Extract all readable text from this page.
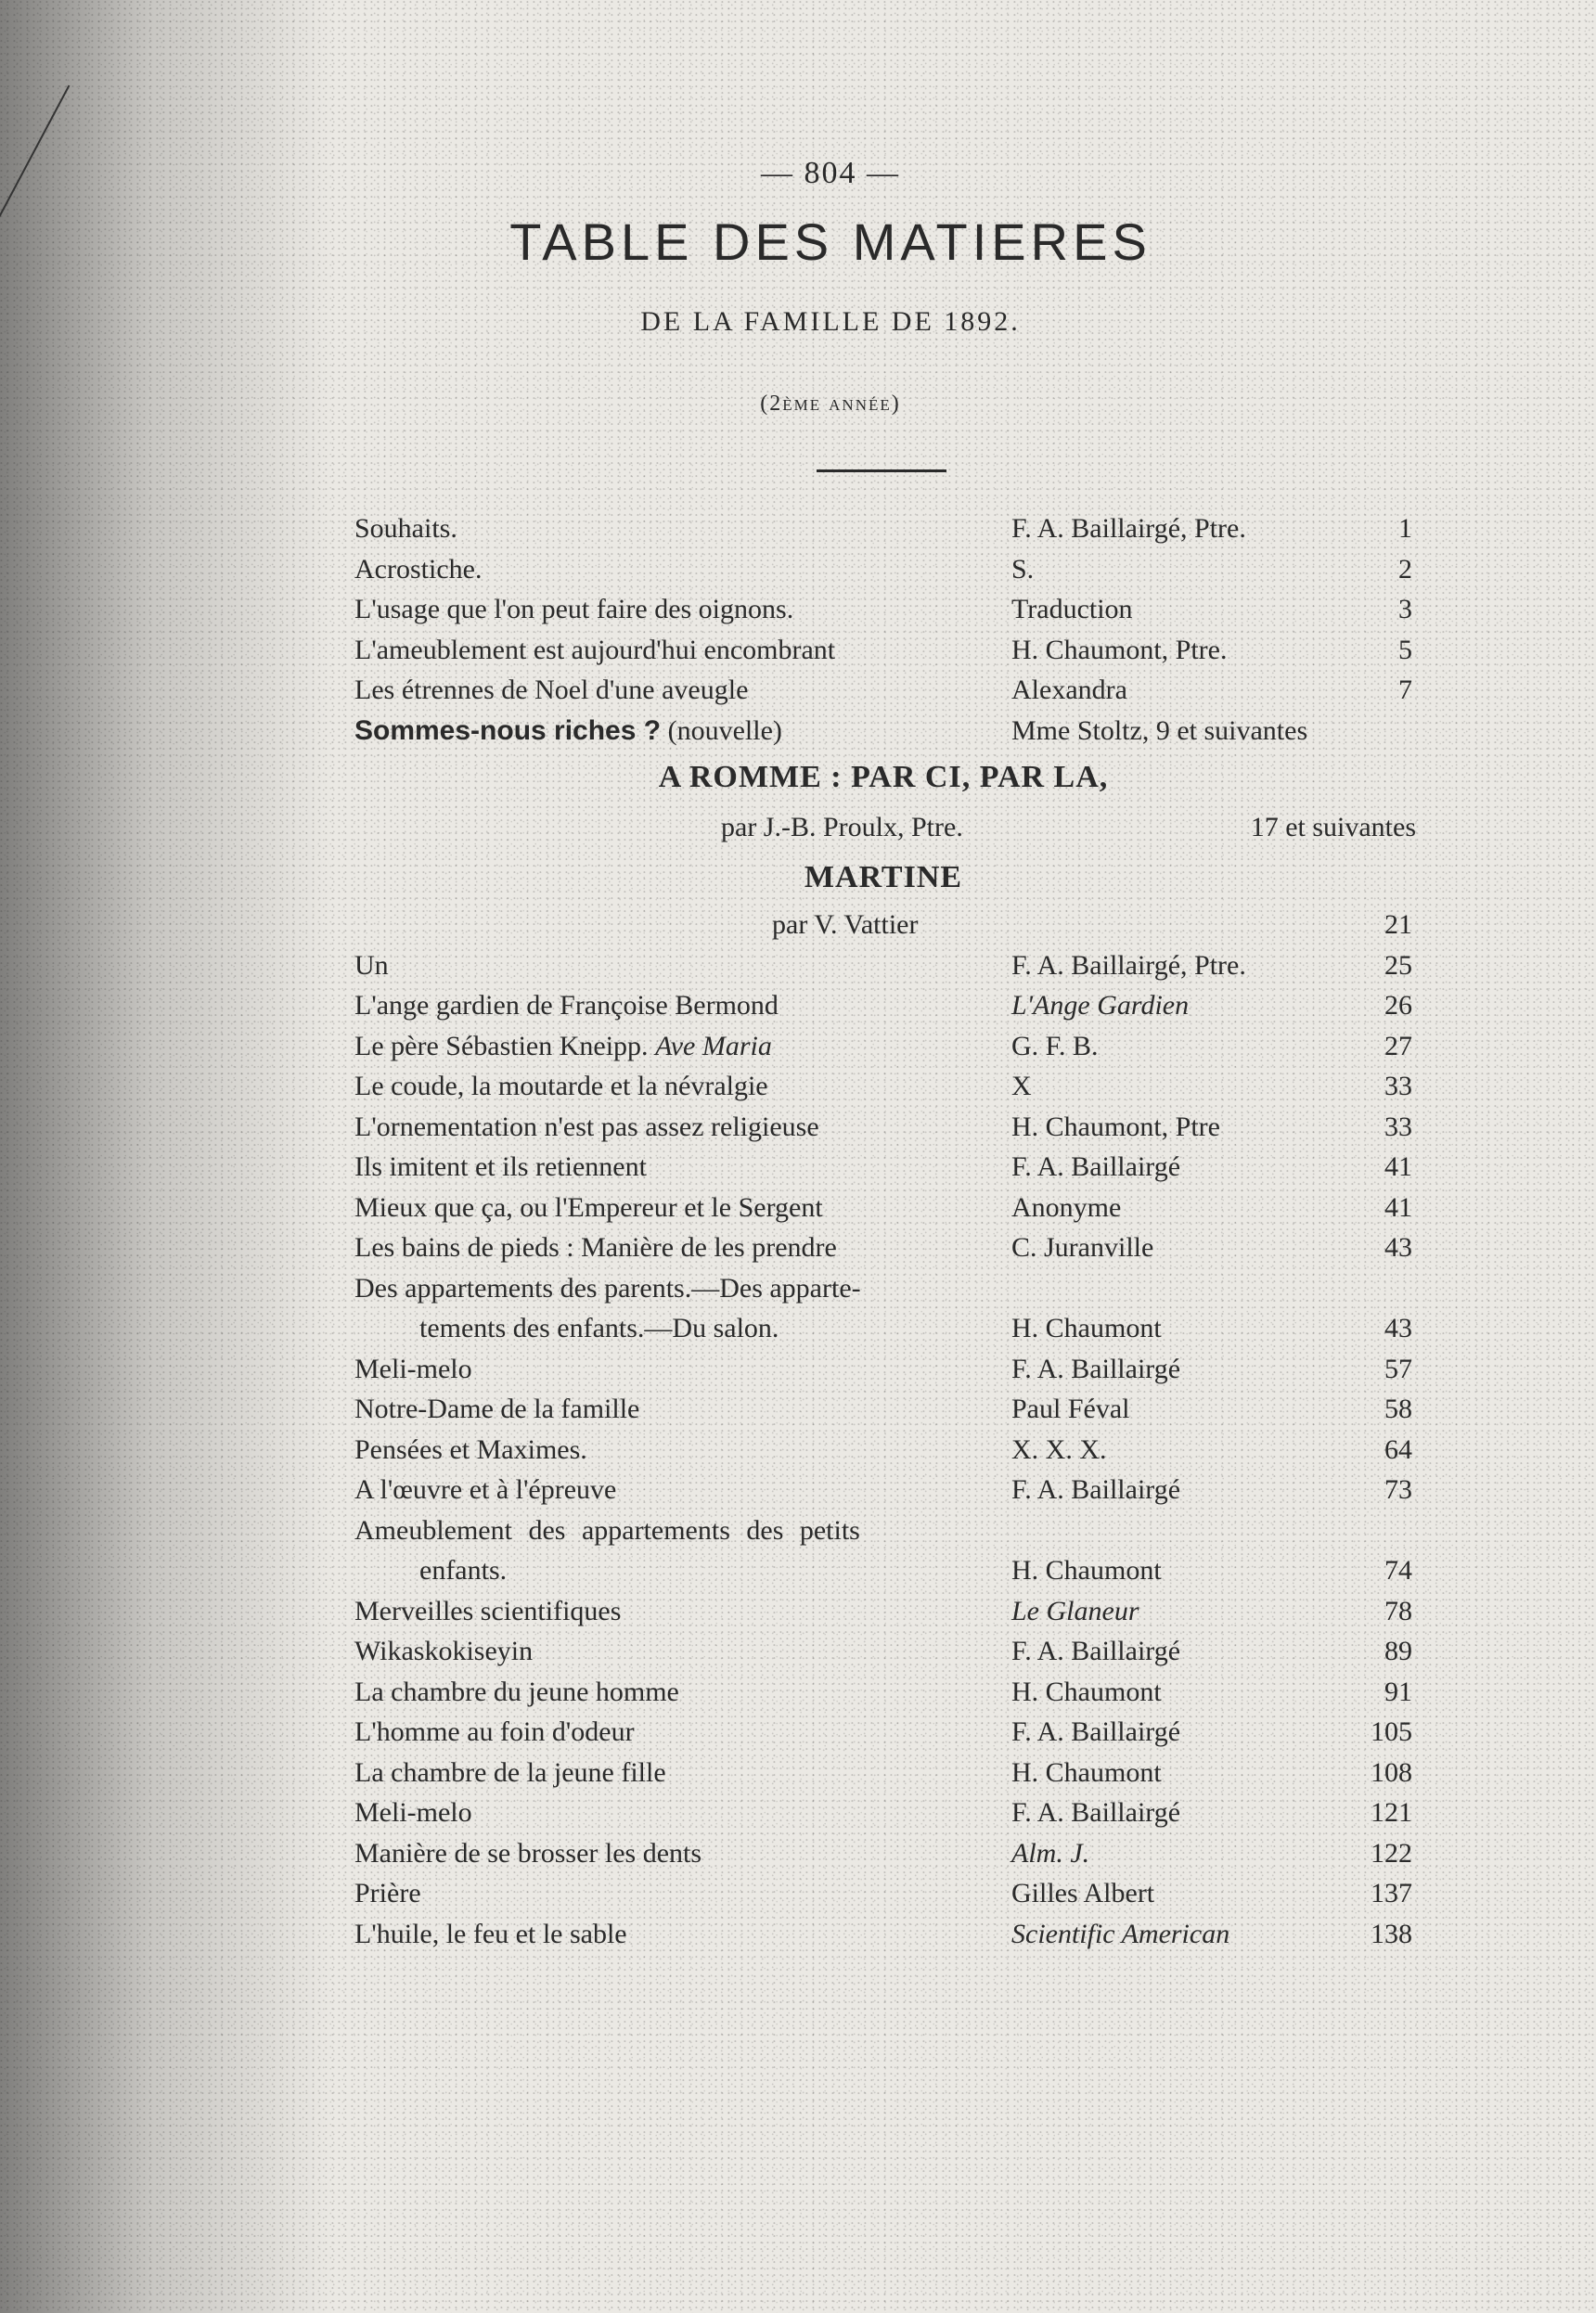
— 804 —
TABLE DES MATIERES
DE LA FAMILLE DE 1892.
(2ème année)
Souhaits.	F. A. Baillairgé, Ptre.	1
Acrostiche.	S.	2
L'usage que l'on peut faire des oignons.	Traduction	3
L'ameublement est aujourd'hui encombrant	H. Chaumont, Ptre.	5
Les étrennes de Noel d'une aveugle	Alexandra	7
Sommes-nous riches ? (nouvelle)	Mme Stoltz, 9 et suivantes
A ROMME : PAR CI, PAR LA,
par J.-B. Proulx, Ptre.	17 et suivantes
MARTINE
par V. Vattier	21
Un	F. A. Baillairgé, Ptre.	25
L'ange gardien de Françoise Bermond	L'Ange Gardien	26
Le père Sébastien Kneipp. Ave Maria	G. F. B.	27
Le coude, la moutarde et la névralgie	X	33
L'ornementation n'est pas assez religieuse	H. Chaumont, Ptre	33
Ils imitent et ils retiennent	F. A. Baillairgé	41
Mieux que ça, ou l'Empereur et le Sergent	Anonyme	41
Les bains de pieds : Manière de les prendre	C. Juranville	43
Des appartements des parents.—Des apparte-
tements des enfants.—Du salon.	H. Chaumont	43
Meli-melo	F. A. Baillairgé	57
Notre-Dame de la famille	Paul Féval	58
Pensées et Maximes.	X. X. X.	64
A l'œuvre et à l'épreuve	F. A. Baillairgé	73
Ameublement des appartements des petits
enfants.	H. Chaumont	74
Merveilles scientifiques	Le Glaneur	78
Wikaskokiseyin	F. A. Baillairgé	89
La chambre du jeune homme	H. Chaumont	91
L'homme au foin d'odeur	F. A. Baillairgé	105
La chambre de la jeune fille	H. Chaumont	108
Meli-melo	F. A. Baillairgé	121
Manière de se brosser les dents	Alm. J.	122
Prière	Gilles Albert	137
L'huile, le feu et le sable	Scientific American	138
